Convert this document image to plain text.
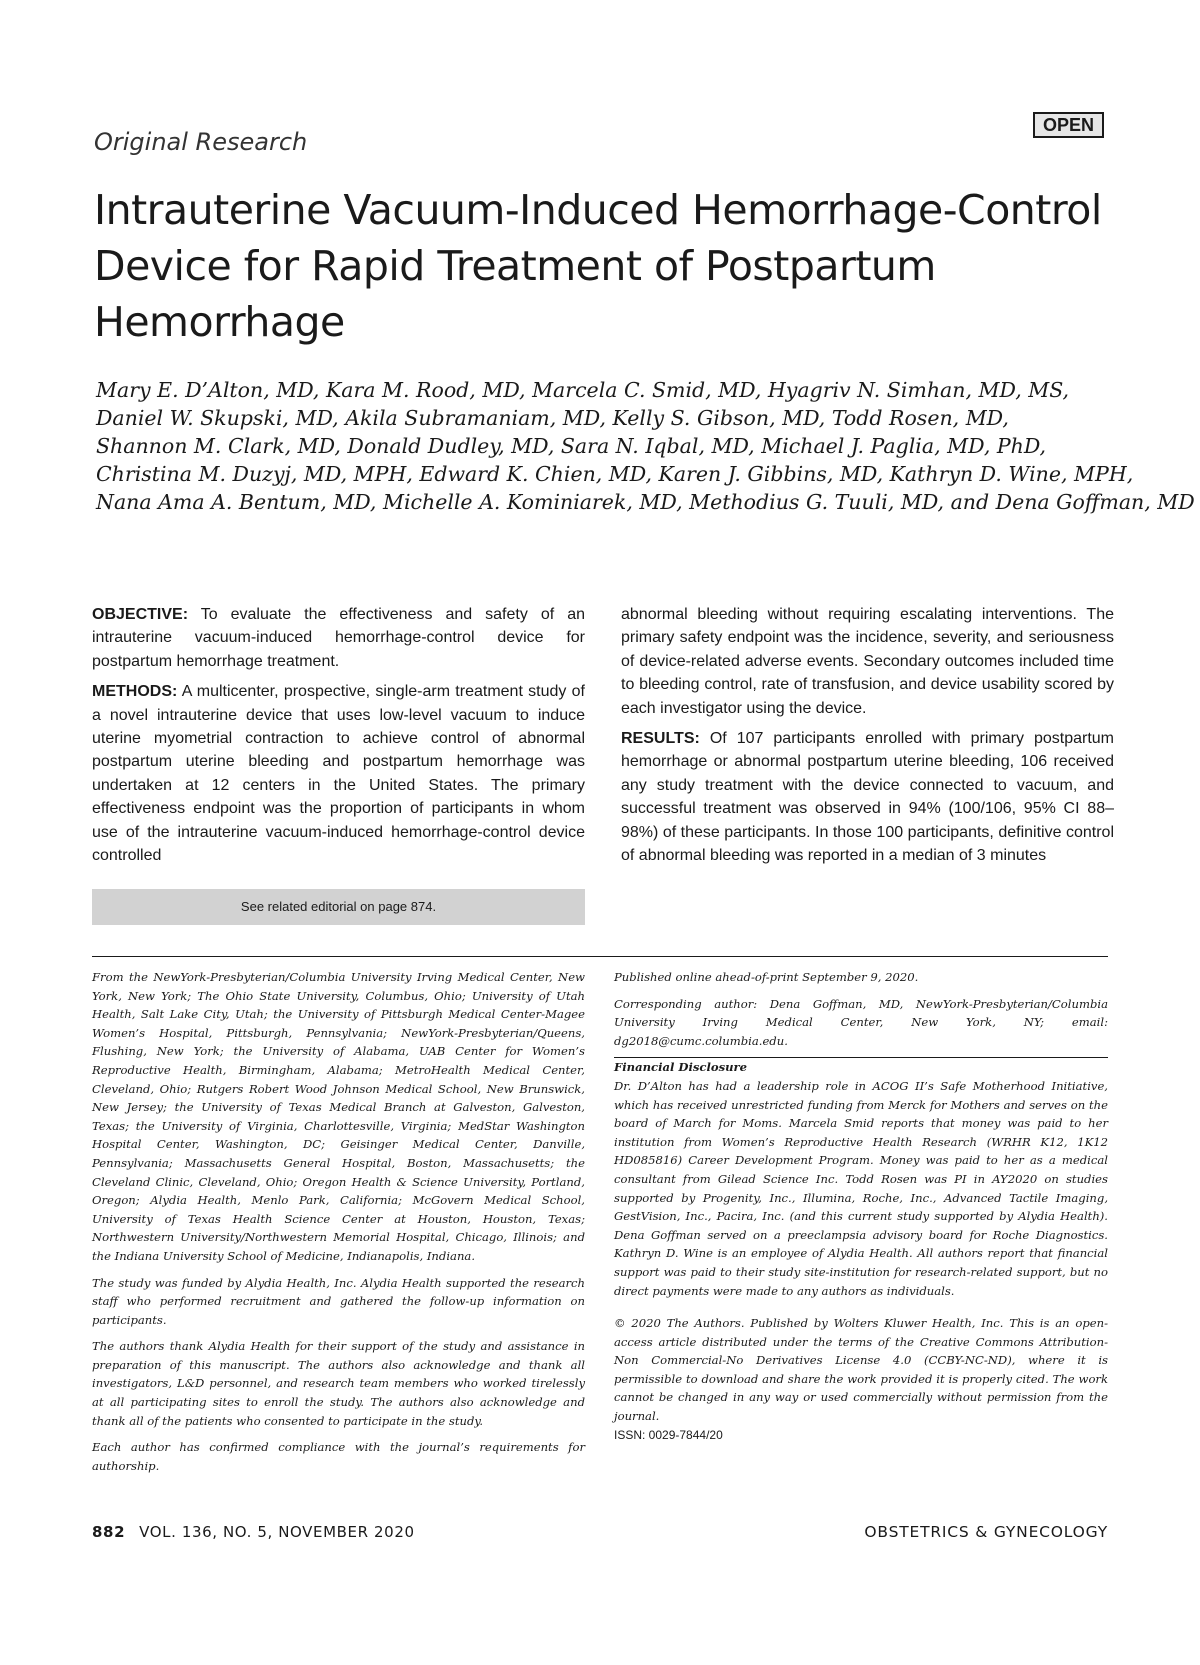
OPEN
Original Research
Intrauterine Vacuum-Induced Hemorrhage-Control Device for Rapid Treatment of Postpartum Hemorrhage
Mary E. D’Alton, MD, Kara M. Rood, MD, Marcela C. Smid, MD, Hyagriv N. Simhan, MD, MS,
Daniel W. Skupski, MD, Akila Subramaniam, MD, Kelly S. Gibson, MD, Todd Rosen, MD,
Shannon M. Clark, MD, Donald Dudley, MD, Sara N. Iqbal, MD, Michael J. Paglia, MD, PhD,
Christina M. Duzyj, MD, MPH, Edward K. Chien, MD, Karen J. Gibbins, MD, Kathryn D. Wine, MPH,
Nana Ama A. Bentum, MD, Michelle A. Kominiarek, MD, Methodius G. Tuuli, MD, and Dena Goffman, MD

OBJECTIVE: To evaluate the effectiveness and safety of an intrauterine vacuum-induced hemorrhage-control device for postpartum hemorrhage treatment.

METHODS: A multicenter, prospective, single-arm treatment study of a novel intrauterine device that uses low-level vacuum to induce uterine myometrial contraction to achieve control of abnormal postpartum uterine bleeding and postpartum hemorrhage was undertaken at 12 centers in the United States. The primary effectiveness endpoint was the proportion of participants in whom use of the intrauterine vacuum-induced hemorrhage-control device controlled

See related editorial on page 874.

abnormal bleeding without requiring escalating interventions. The primary safety endpoint was the incidence, severity, and seriousness of device-related adverse events. Secondary outcomes included time to bleeding control, rate of transfusion, and device usability scored by each investigator using the device.

RESULTS: Of 107 participants enrolled with primary postpartum hemorrhage or abnormal postpartum uterine bleeding, 106 received any study treatment with the device connected to vacuum, and successful treatment was observed in 94% (100/106, 95% CI 88–98%) of these participants. In those 100 participants, definitive control of abnormal bleeding was reported in a median of 3 minutes

From the NewYork-Presbyterian/Columbia University Irving Medical Center, New York, New York; The Ohio State University, Columbus, Ohio; University of Utah Health, Salt Lake City, Utah; the University of Pittsburgh Medical Center-Magee Women’s Hospital, Pittsburgh, Pennsylvania; NewYork-Presbyterian/Queens, Flushing, New York; the University of Alabama, UAB Center for Women’s Reproductive Health, Birmingham, Alabama; MetroHealth Medical Center, Cleveland, Ohio; Rutgers Robert Wood Johnson Medical School, New Brunswick, New Jersey; the University of Texas Medical Branch at Galveston, Galveston, Texas; the University of Virginia, Charlottesville, Virginia; MedStar Washington Hospital Center, Washington, DC; Geisinger Medical Center, Danville, Pennsylvania; Massachusetts General Hospital, Boston, Massachusetts; the Cleveland Clinic, Cleveland, Ohio; Oregon Health & Science University, Portland, Oregon; Alydia Health, Menlo Park, California; McGovern Medical School, University of Texas Health Science Center at Houston, Houston, Texas; Northwestern University/Northwestern Memorial Hospital, Chicago, Illinois; and the Indiana University School of Medicine, Indianapolis, Indiana.

The study was funded by Alydia Health, Inc. Alydia Health supported the research staff who performed recruitment and gathered the follow-up information on participants.

The authors thank Alydia Health for their support of the study and assistance in preparation of this manuscript. The authors also acknowledge and thank all investigators, L&D personnel, and research team members who worked tirelessly at all participating sites to enroll the study. The authors also acknowledge and thank all of the patients who consented to participate in the study.

Each author has confirmed compliance with the journal’s requirements for authorship.

Published online ahead-of-print September 9, 2020.

Corresponding author: Dena Goffman, MD, NewYork-Presbyterian/Columbia University Irving Medical Center, New York, NY; email: dg2018@cumc.columbia.edu.

Financial Disclosure

Dr. D’Alton has had a leadership role in ACOG II’s Safe Motherhood Initiative, which has received unrestricted funding from Merck for Mothers and serves on the board of March for Moms. Marcela Smid reports that money was paid to her institution from Women’s Reproductive Health Research (WRHR K12, 1K12 HD085816) Career Development Program. Money was paid to her as a medical consultant from Gilead Science Inc. Todd Rosen was PI in AY2020 on studies supported by Progenity, Inc., Illumina, Roche, Inc., Advanced Tactile Imaging, GestVision, Inc., Pacira, Inc. (and this current study supported by Alydia Health). Dena Goffman served on a preeclampsia advisory board for Roche Diagnostics. Kathryn D. Wine is an employee of Alydia Health. All authors report that financial support was paid to their study site-institution for research-related support, but no direct payments were made to any authors as individuals.

© 2020 The Authors. Published by Wolters Kluwer Health, Inc. This is an open-access article distributed under the terms of the Creative Commons Attribution-Non Commercial-No Derivatives License 4.0 (CCBY-NC-ND), where it is permissible to download and share the work provided it is properly cited. The work cannot be changed in any way or used commercially without permission from the journal.

ISSN: 0029-7844/20

882 VOL. 136, NO. 5, NOVEMBER 2020	OBSTETRICS & GYNECOLOGY
